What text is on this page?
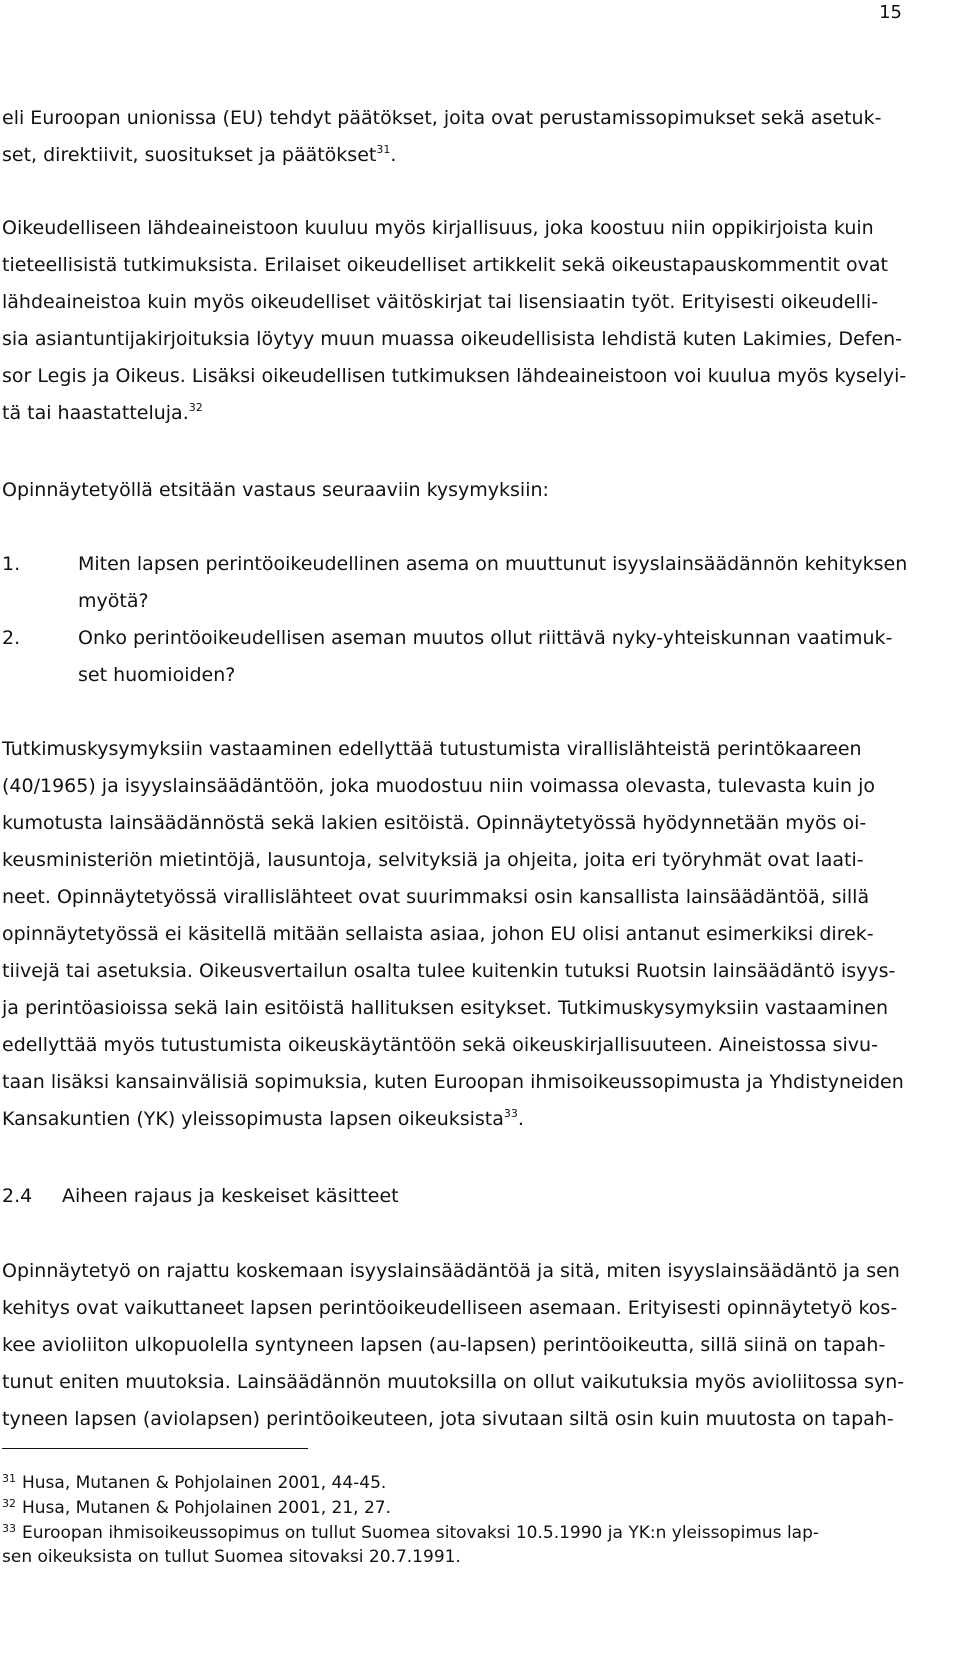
15
eli Euroopan unionissa (EU) tehdyt päätökset, joita ovat perustamissopimukset sekä asetuk-
set, direktiivit, suositukset ja päätökset$^{31}$.
Oikeudelliseen lähdeaineistoon kuuluu myös kirjallisuus, joka koostuu niin oppikirjoista kuin
tieteellisistä tutkimuksista. Erilaiset oikeudelliset artikkelit sekä oikeustapauskommentit ovat
lähdeaineistoa kuin myös oikeudelliset väitöskirjat tai lisensiaatin työt. Erityisesti oikeudelli-
sia asiantuntijakirjoituksia löytyy muun muassa oikeudellisista lehdistä kuten Lakimies, Defen-
sor Legis ja Oikeus. Lisäksi oikeudellisen tutkimuksen lähdeaineistoon voi kuulua myös kyselyi-
tä tai haastatteluja.$^{32}$
Opinnäytetyöllä etsitään vastaus seuraaviin kysymyksiin:
1.	Miten lapsen perintöoikeudellinen asema on muuttunut isyyslainsäädännön kehityksen
myötä?
2.	Onko perintöoikeudellisen aseman muutos ollut riittävä nyky-yhteiskunnan vaatimuk-
set huomioiden?
Tutkimuskysymyksiin vastaaminen edellyttää tutustumista virallislähteistä perintökaareen
(40/1965) ja isyyslainsäädäntöön, joka muodostuu niin voimassa olevasta, tulevasta kuin jo
kumotusta lainsäädännöstä sekä lakien esitöistä. Opinnäytetyössä hyödynnetään myös oi-
keusministeriön mietintöjä, lausuntoja, selvityksiä ja ohjeita, joita eri työryhmät ovat laati-
neet. Opinnäytetyössä virallislähteet ovat suurimmaksi osin kansallista lainsäädäntöä, sillä
opinnäytetyössä ei käsitellä mitään sellaista asiaa, johon EU olisi antanut esimerkiksi direk-
tiivejä tai asetuksia. Oikeusvertailun osalta tulee kuitenkin tutuksi Ruotsin lainsäädäntö isyys-
ja perintöasioissa sekä lain esitöistä hallituksen esitykset. Tutkimuskysymyksiin vastaaminen
edellyttää myös tutustumista oikeuskäytäntöön sekä oikeuskirjallisuuteen. Aineistossa sivu-
taan lisäksi kansainvälisiä sopimuksia, kuten Euroopan ihmisoikeussopimusta ja Yhdistyneiden
Kansakuntien (YK) yleissopimusta lapsen oikeuksista$^{33}$.
2.4 Aiheen rajaus ja keskeiset käsitteet
Opinnäytetyö on rajattu koskemaan isyyslainsäädäntöä ja sitä, miten isyyslainsäädäntö ja sen
kehitys ovat vaikuttaneet lapsen perintöoikeudelliseen asemaan. Erityisesti opinnäytetyö kos-
kee avioliiton ulkopuolella syntyneen lapsen (au-lapsen) perintöoikeutta, sillä siinä on tapah-
tunut eniten muutoksia. Lainsäädännön muutoksilla on ollut vaikutuksia myös avioliitossa syn-
tyneen lapsen (aviolapsen) perintöoikeuteen, jota sivutaan siltä osin kuin muutosta on tapah-
$^{31}$ Husa, Mutanen & Pohjolainen 2001, 44-45.
$^{32}$ Husa, Mutanen & Pohjolainen 2001, 21, 27.
$^{33}$ Euroopan ihmisoikeussopimus on tullut Suomea sitovaksi 10.5.1990 ja YK:n yleissopimus lap-
sen oikeuksista on tullut Suomea sitovaksi 20.7.1991.
